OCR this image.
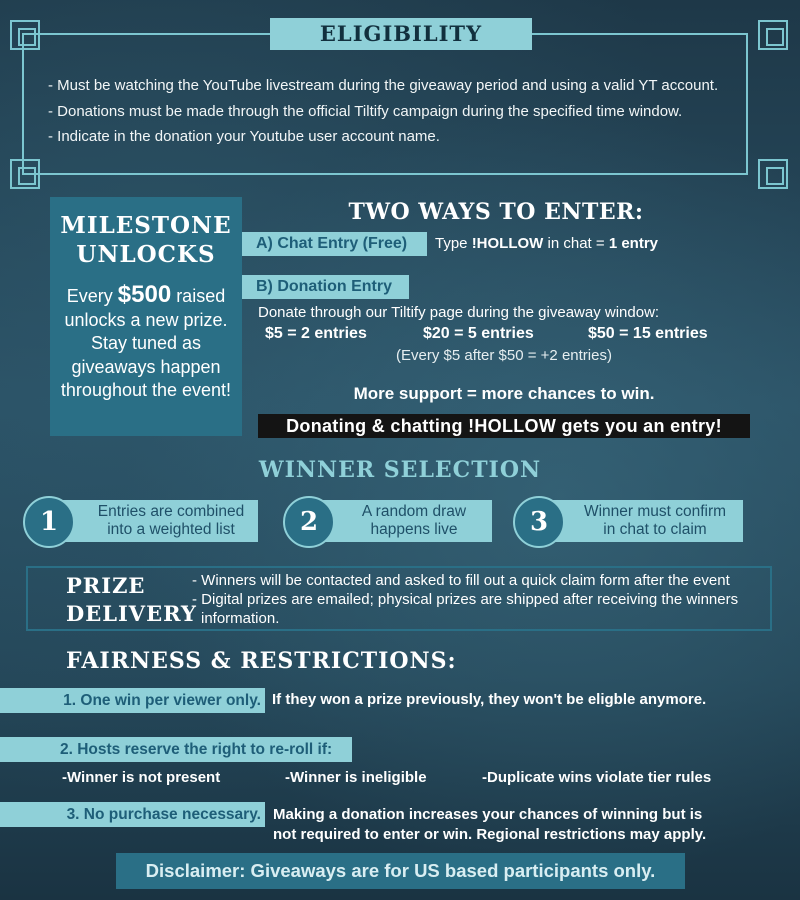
ELIGIBILITY
- Must be watching the YouTube livestream during the giveaway period and using a valid YT account.
- Donations must be made through the official Tiltify campaign during the specified time window.
- Indicate in the donation your Youtube user account name.
MILESTONE
UNLOCKS
Every $500 raised unlocks a new prize. Stay tuned as giveaways happen throughout the event!
TWO WAYS TO ENTER:
A) Chat Entry (Free)	Type !HOLLOW in chat = 1 entry
B) Donation Entry
Donate through our Tiltify page during the giveaway window:
$5 = 2 entries	$20 = 5 entries	$50 = 15 entries
(Every $5 after $50 = +2 entries)
More support = more chances to win.
Donating & chatting !HOLLOW gets you an entry!
WINNER SELECTION
Entries are combined
into a weighted list
1	A random draw
happens live
2	Winner must confirm
in chat to claim
3
PRIZE
DELIVERY
- Winners will be contacted and asked to fill out a quick claim form after the event
- Digital prizes are emailed; physical prizes are shipped after receiving the winners information.
FAIRNESS & RESTRICTIONS:
1. One win per viewer only. If they won a prize previously, they won't be eligble anymore.
2. Hosts reserve the right to re-roll if:
-Winner is not present	-Winner is ineligible	-Duplicate wins violate tier rules
3. No purchase necessary. Making a donation increases your chances of winning but is
not required to enter or win. Regional restrictions may apply.
Disclaimer: Giveaways are for US based participants only.
